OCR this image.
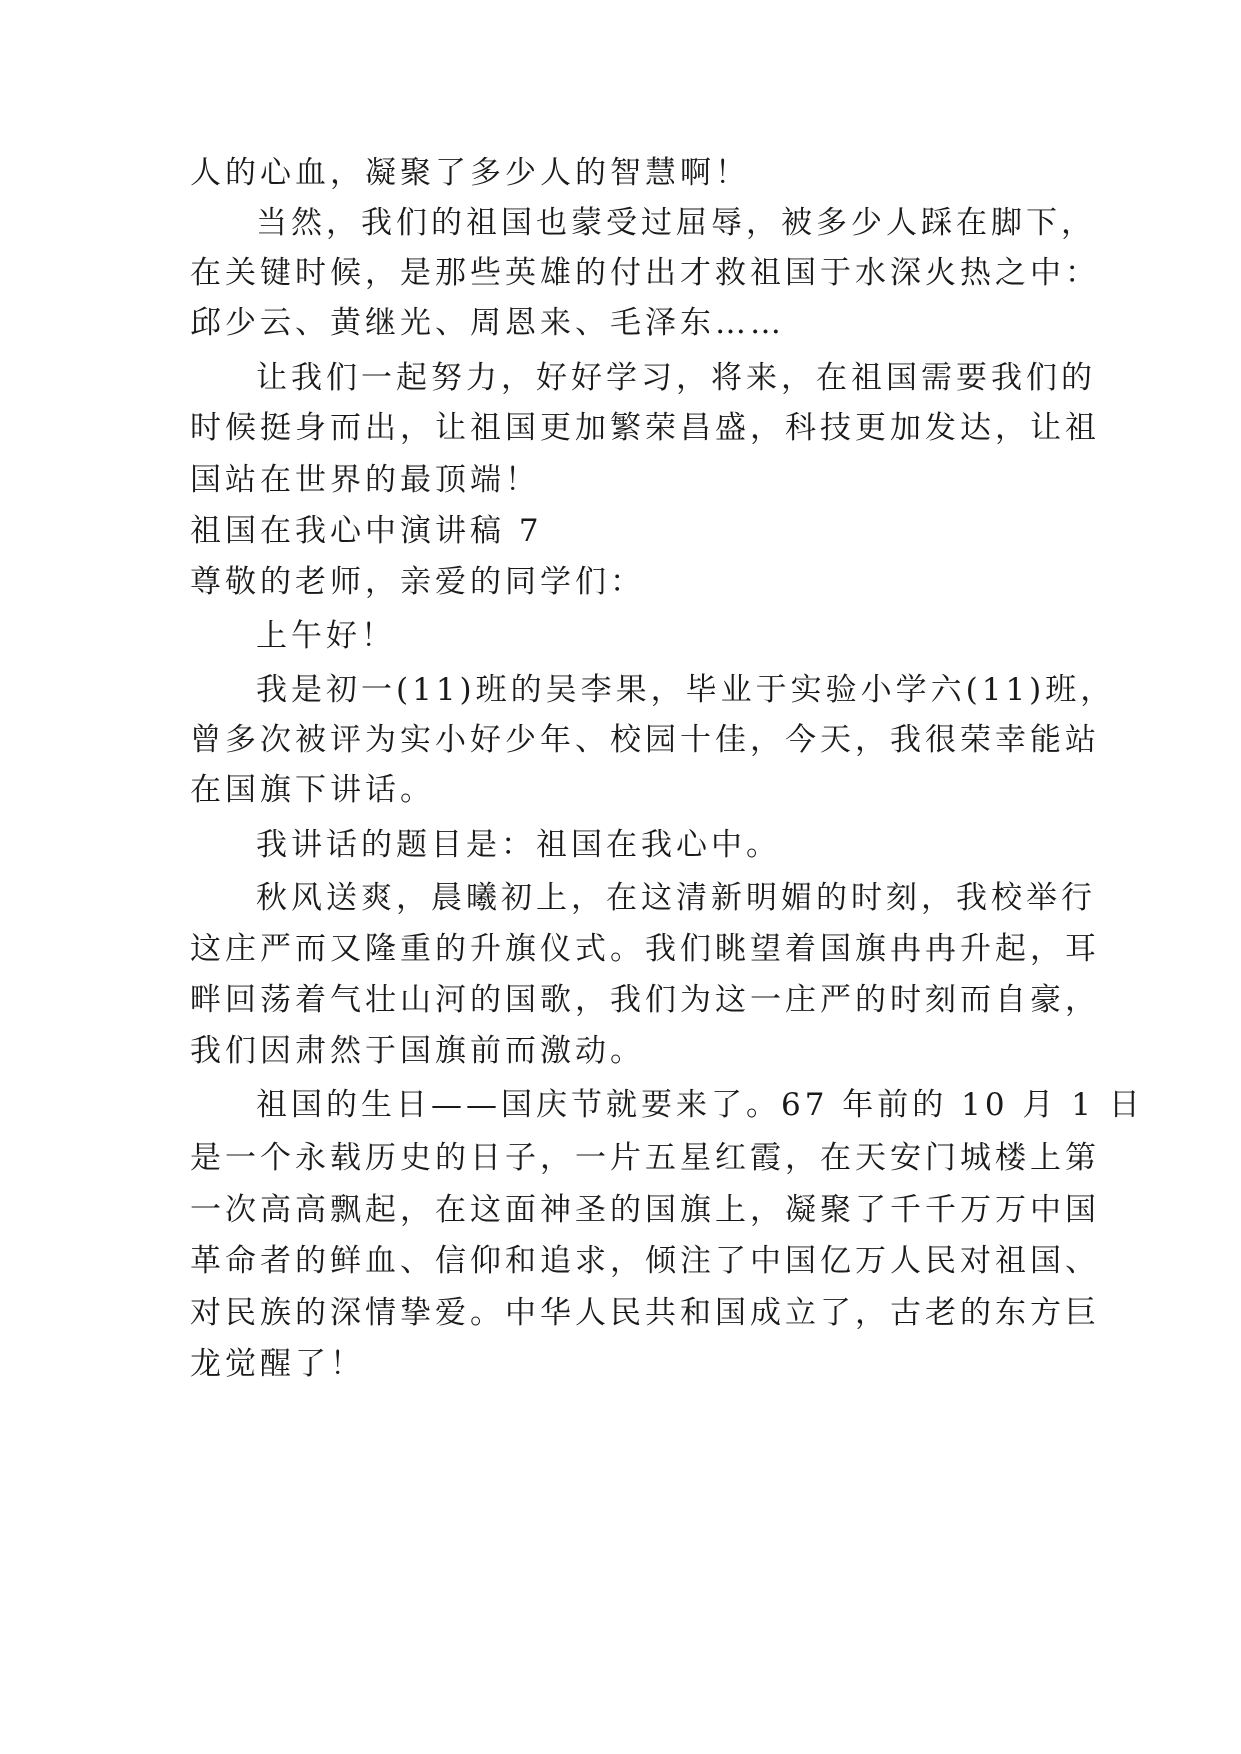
人的心血，凝聚了多少人的智慧啊！
当然，我们的祖国也蒙受过屈辱，被多少人踩在脚下，
在关键时候，是那些英雄的付出才救祖国于水深火热之中：
邱少云、黄继光、周恩来、毛泽东……
让我们一起努力，好好学习，将来，在祖国需要我们的
时候挺身而出，让祖国更加繁荣昌盛，科技更加发达，让祖
国站在世界的最顶端！
祖国在我心中演讲稿 7
尊敬的老师，亲爱的同学们：
上午好！
我是初一(11)班的吴李果，毕业于实验小学六(11)班，
曾多次被评为实小好少年、校园十佳，今天，我很荣幸能站
在国旗下讲话。
我讲话的题目是：祖国在我心中。
秋风送爽，晨曦初上，在这清新明媚的时刻，我校举行
这庄严而又隆重的升旗仪式。我们眺望着国旗冉冉升起，耳
畔回荡着气壮山河的国歌，我们为这一庄严的时刻而自豪，
我们因肃然于国旗前而激动。
祖国的生日——国庆节就要来了。67 年前的 10 月 1 日
是一个永载历史的日子，一片五星红霞，在天安门城楼上第
一次高高飘起，在这面神圣的国旗上，凝聚了千千万万中国
革命者的鲜血、信仰和追求，倾注了中国亿万人民对祖国、
对民族的深情挚爱。中华人民共和国成立了，古老的东方巨
龙觉醒了！
